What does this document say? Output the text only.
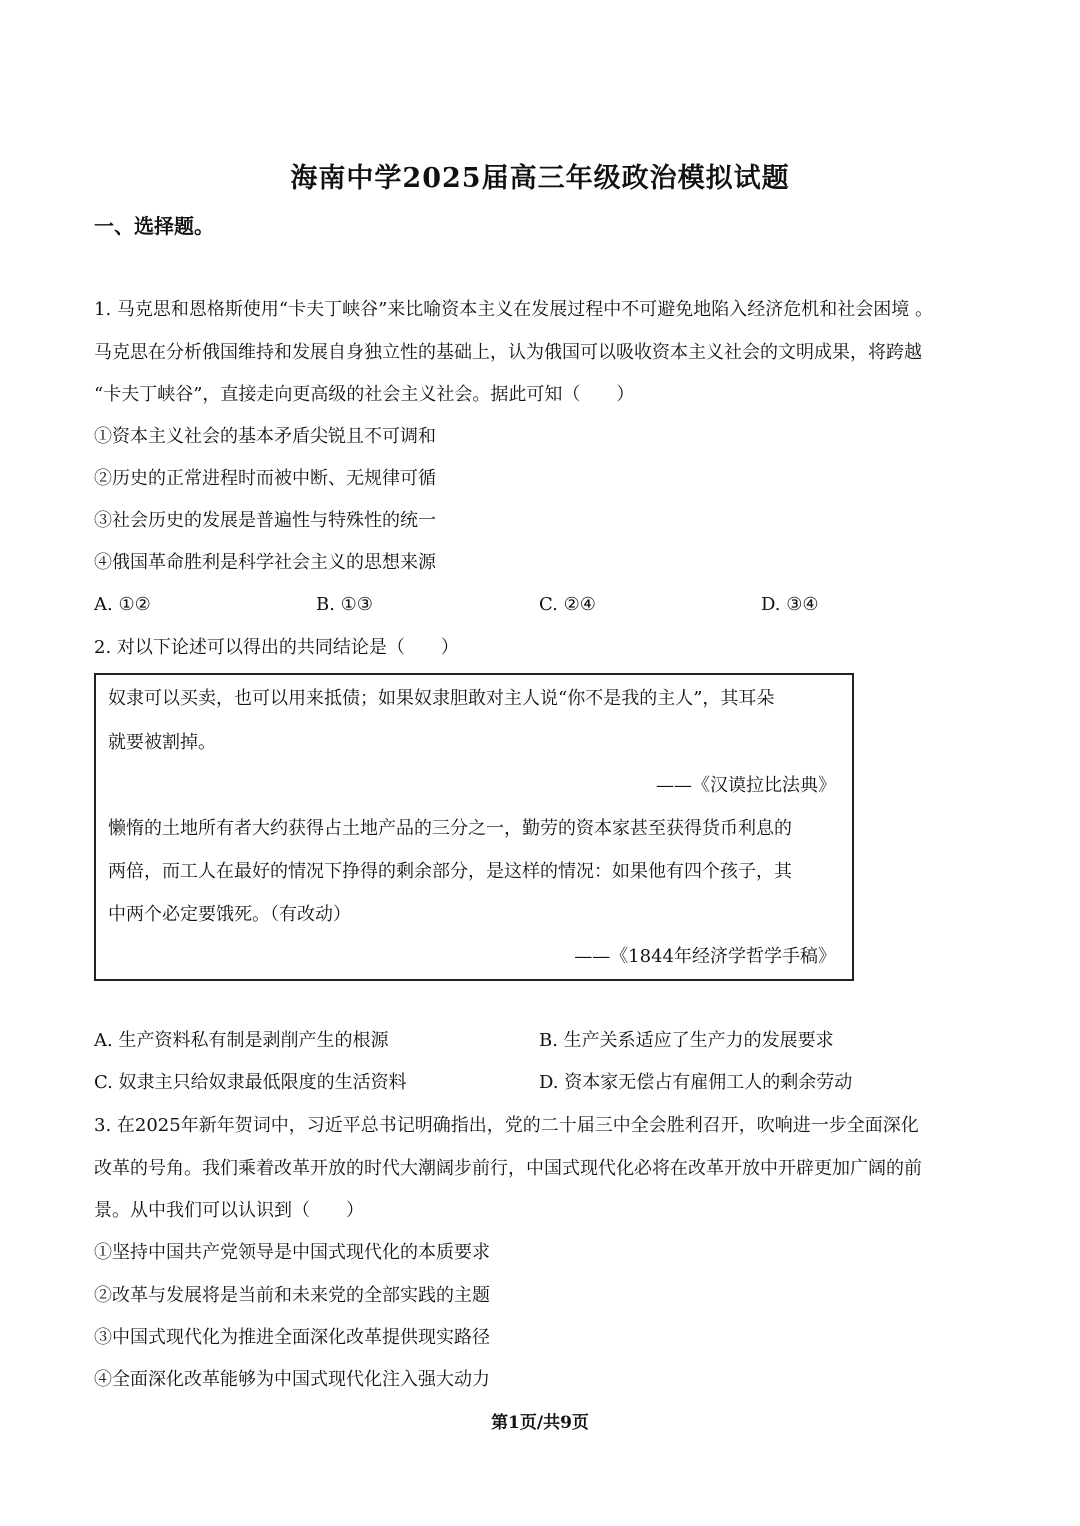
海南中学2025届高三年级政治模拟试题
一、选择题。
1. 马克思和恩格斯使用“卡夫丁峡谷”来比喻资本主义在发展过程中不可避免地陷入经济危机和社会困境 。
马克思在分析俄国维持和发展自身独立性的基础上，认为俄国可以吸收资本主义社会的文明成果，将跨越
“卡夫丁峡谷”，直接走向更高级的社会主义社会。据此可知（　　）
①资本主义社会的基本矛盾尖锐且不可调和
②历史的正常进程时而被中断、无规律可循
③社会历史的发展是普遍性与特殊性的统一
④俄国革命胜利是科学社会主义的思想来源
A. ①②	B. ①③	C. ②④	D. ③④
2. 对以下论述可以得出的共同结论是（　　）
奴隶可以买卖，也可以用来抵债；如果奴隶胆敢对主人说“你不是我的主人”，其耳朵
就要被割掉。
——《汉谟拉比法典》
懒惰的土地所有者大约获得占土地产品的三分之一，勤劳的资本家甚至获得货币利息的
两倍，而工人在最好的情况下挣得的剩余部分，是这样的情况：如果他有四个孩子，其
中两个必定要饿死。（有改动）
——《1844年经济学哲学手稿》
A. 生产资料私有制是剥削产生的根源	B. 生产关系适应了生产力的发展要求
C. 奴隶主只给奴隶最低限度的生活资料	D. 资本家无偿占有雇佣工人的剩余劳动
3. 在2025年新年贺词中，习近平总书记明确指出，党的二十届三中全会胜利召开，吹响进一步全面深化
改革的号角。我们乘着改革开放的时代大潮阔步前行，中国式现代化必将在改革开放中开辟更加广阔的前
景。从中我们可以认识到（　　）
①坚持中国共产党领导是中国式现代化的本质要求
②改革与发展将是当前和未来党的全部实践的主题
③中国式现代化为推进全面深化改革提供现实路径
④全面深化改革能够为中国式现代化注入强大动力
第1页/共9页
